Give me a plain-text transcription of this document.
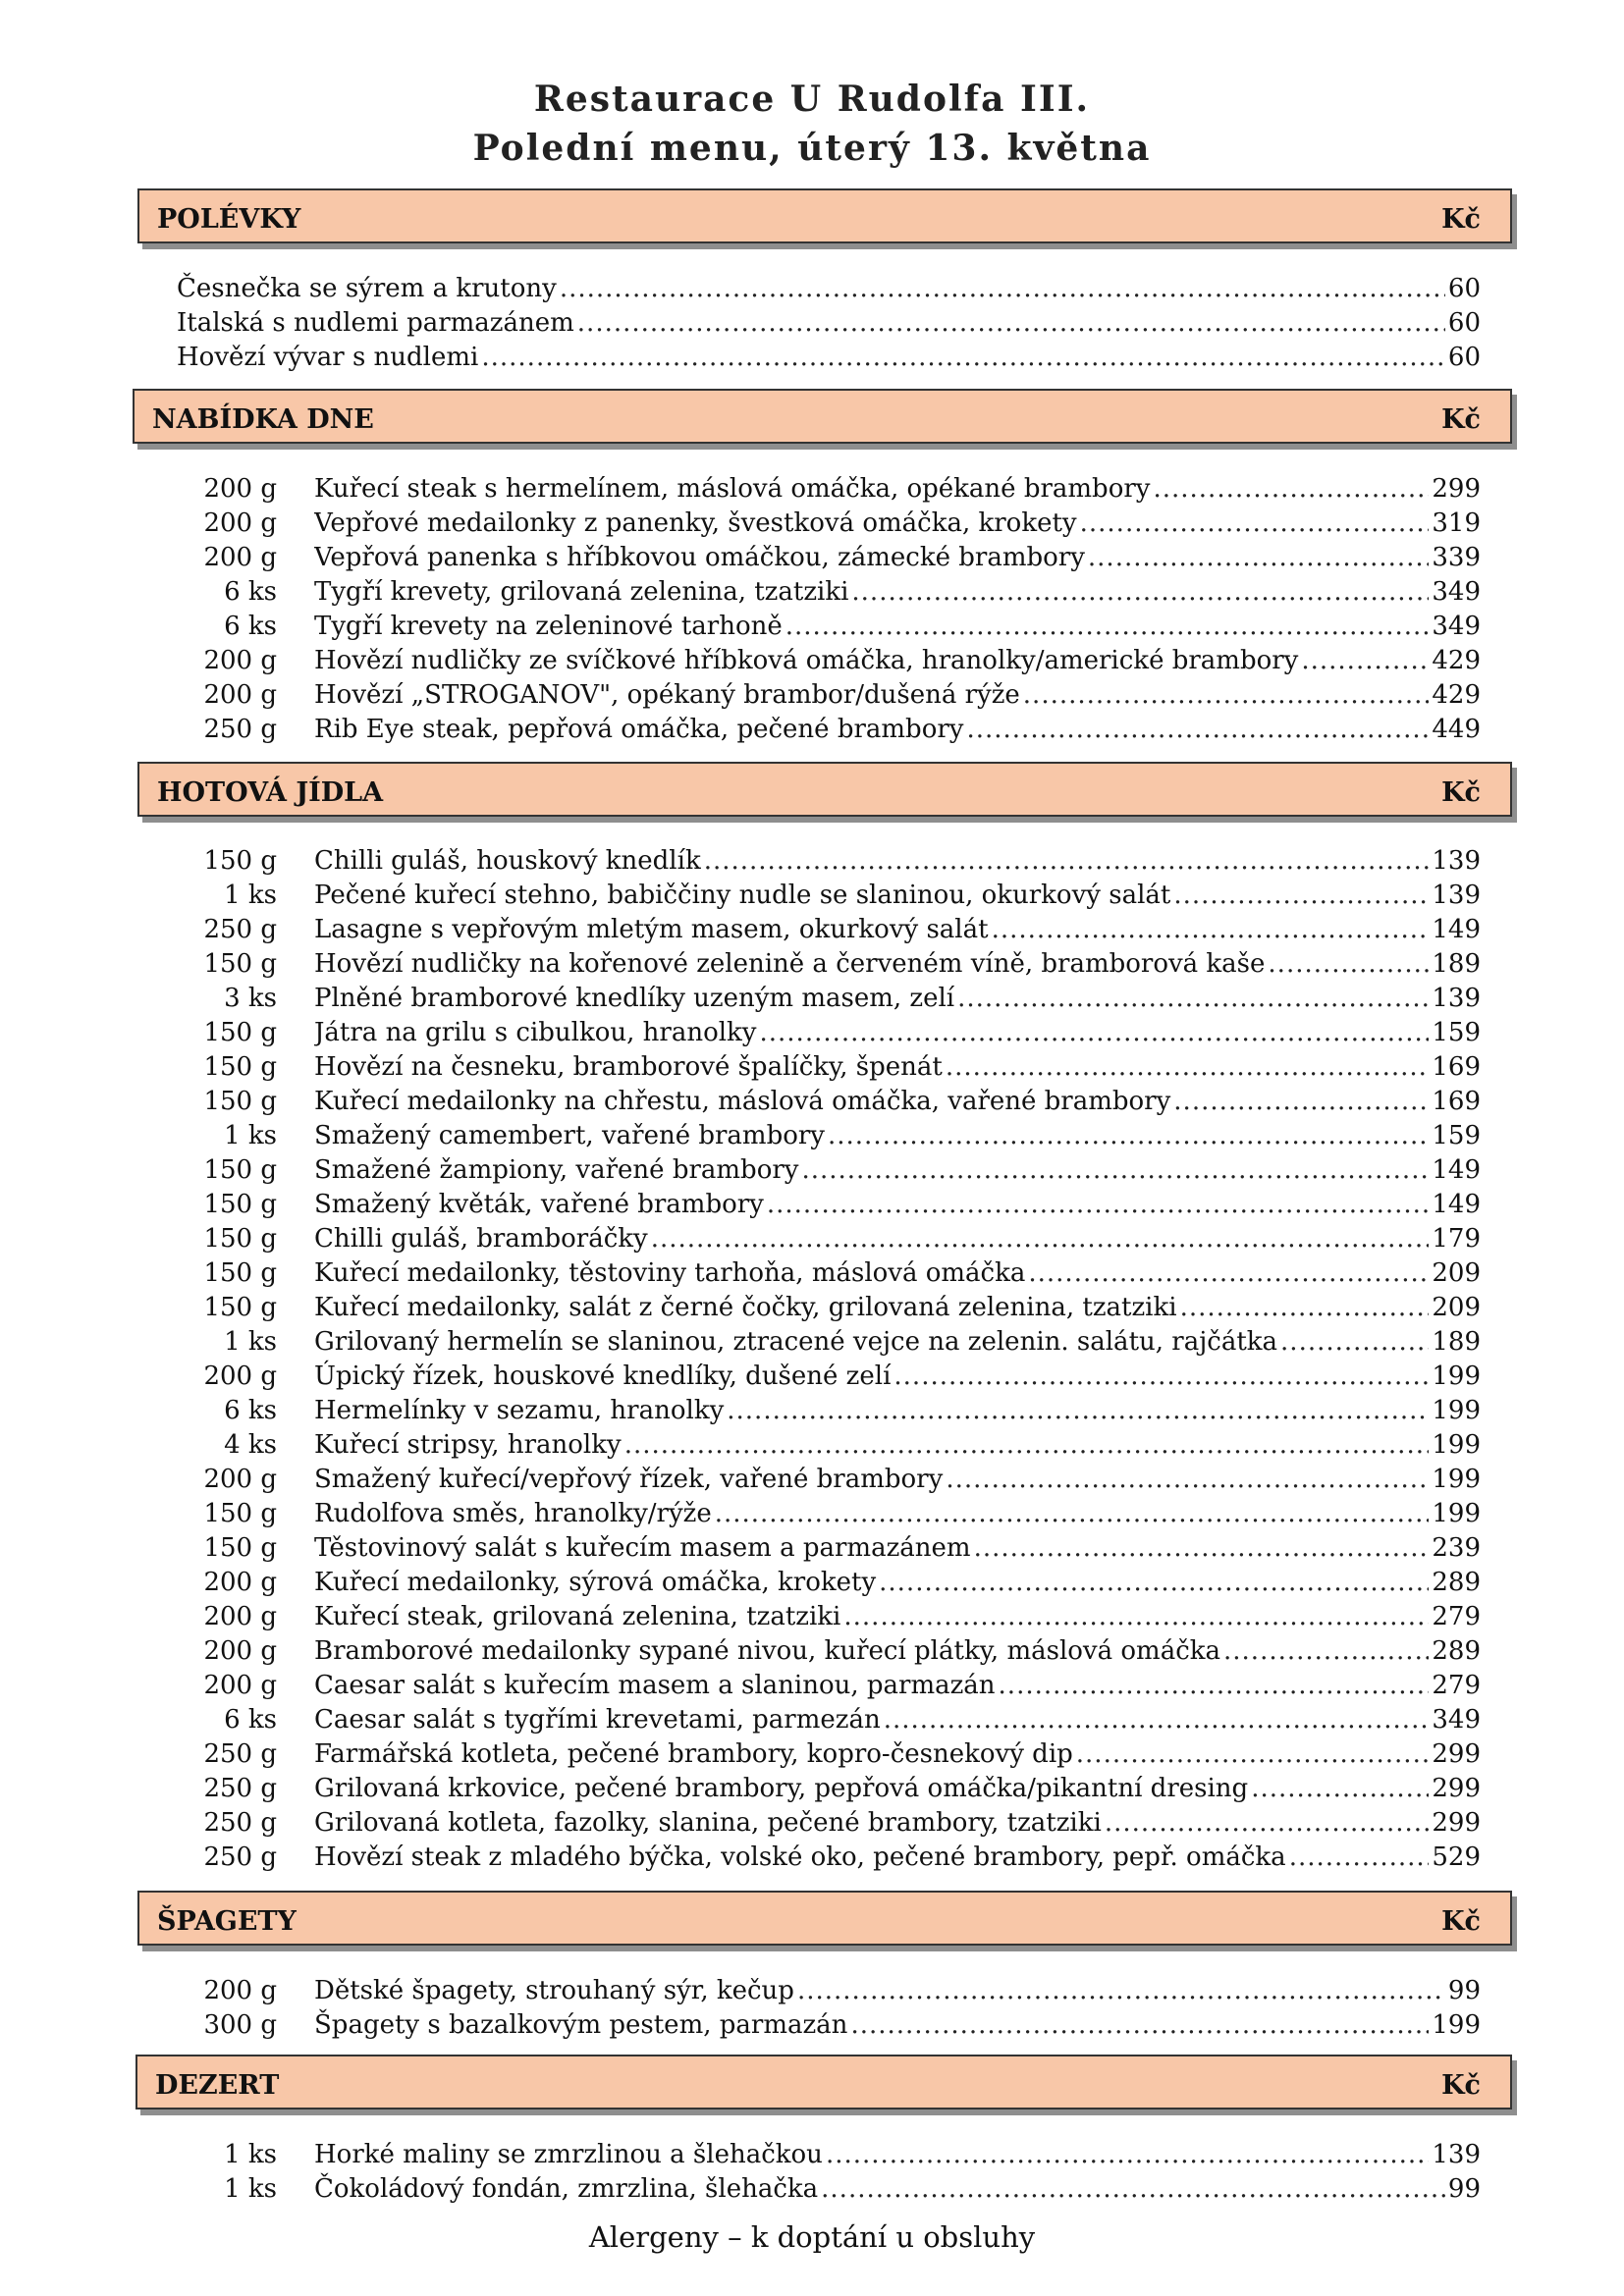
Restaurace U Rudolfa III.
Polední menu, úterý 13. května
POLÉVKY	Kč
Česnečka se sýrem a krutony .....	60
Italská s nudlemi parmazánem .....	60
Hovězí vývar s nudlemi .....	60
NABÍDKA DNE	Kč
200 g Kuřecí steak s hermelínem, máslová omáčka, opékané brambory .....	299
200 g Vepřové medailonky z panenky, švestková omáčka, krokety .....	319
200 g Vepřová panenka s hříbkovou omáčkou, zámecké brambory .....	339
6 ks Tygří krevety, grilovaná zelenina, tzatziki .....	349
6 ks Tygří krevety na zeleninové tarhoně .....	349
200 g Hovězí nudličky ze svíčkové hříbková omáčka, hranolky/americké brambory .....	429
200 g Hovězí „STROGANOV", opékaný brambor/dušená rýže .....	429
250 g Rib Eye steak, pepřová omáčka, pečené brambory .....	449
HOTOVÁ JÍDLA	Kč
150 g Chilli guláš, houskový knedlík .....	139
1 ks Pečené kuřecí stehno, babiččiny nudle se slaninou, okurkový salát .....	139
250 g Lasagne s vepřovým mletým masem, okurkový salát .....	149
150 g Hovězí nudličky na kořenové zelenině a červeném víně, bramborová kaše .....	189
3 ks Plněné bramborové knedlíky uzeným masem, zelí .....	139
150 g Játra na grilu s cibulkou, hranolky .....	159
150 g Hovězí na česneku, bramborové špalíčky, špenát .....	169
150 g Kuřecí medailonky na chřestu, máslová omáčka, vařené brambory .....	169
1 ks Smažený camembert, vařené brambory .....	159
150 g Smažené žampiony, vařené brambory .....	149
150 g Smažený květák, vařené brambory .....	149
150 g Chilli guláš, bramboráčky .....	179
150 g Kuřecí medailonky, těstoviny tarhoňa, máslová omáčka .....	209
150 g Kuřecí medailonky, salát z černé čočky, grilovaná zelenina, tzatziki .....	209
1 ks Grilovaný hermelín se slaninou, ztracené vejce na zelenin. salátu, rajčátka .....	189
200 g Úpický řízek, houskové knedlíky, dušené zelí .....	199
6 ks Hermelínky v sezamu, hranolky .....	199
4 ks Kuřecí stripsy, hranolky .....	199
200 g Smažený kuřecí/vepřový řízek, vařené brambory .....	199
150 g Rudolfova směs, hranolky/rýže .....	199
150 g Těstovinový salát s kuřecím masem a parmazánem .....	239
200 g Kuřecí medailonky, sýrová omáčka, krokety .....	289
200 g Kuřecí steak, grilovaná zelenina, tzatziki .....	279
200 g Bramborové medailonky sypané nivou, kuřecí plátky, máslová omáčka .....	289
200 g Caesar salát s kuřecím masem a slaninou, parmazán .....	279
6 ks Caesar salát s tygřími krevetami, parmezán .....	349
250 g Farmářská kotleta, pečené brambory, kopro-česnekový dip .....	299
250 g Grilovaná krkovice, pečené brambory, pepřová omáčka/pikantní dresing .....	299
250 g Grilovaná kotleta, fazolky, slanina, pečené brambory, tzatziki .....	299
250 g Hovězí steak z mladého býčka, volské oko, pečené brambory, pepř. omáčka .....	529
ŠPAGETY	Kč
200 g Dětské špagety, strouhaný sýr, kečup .....	99
300 g Špagety s bazalkovým pestem, parmazán .....	199
DEZERT	Kč
1 ks Horké maliny se zmrzlinou a šlehačkou .....	139
1 ks Čokoládový fondán, zmrzlina, šlehačka .....	99
Alergeny – k doptání u obsluhy
